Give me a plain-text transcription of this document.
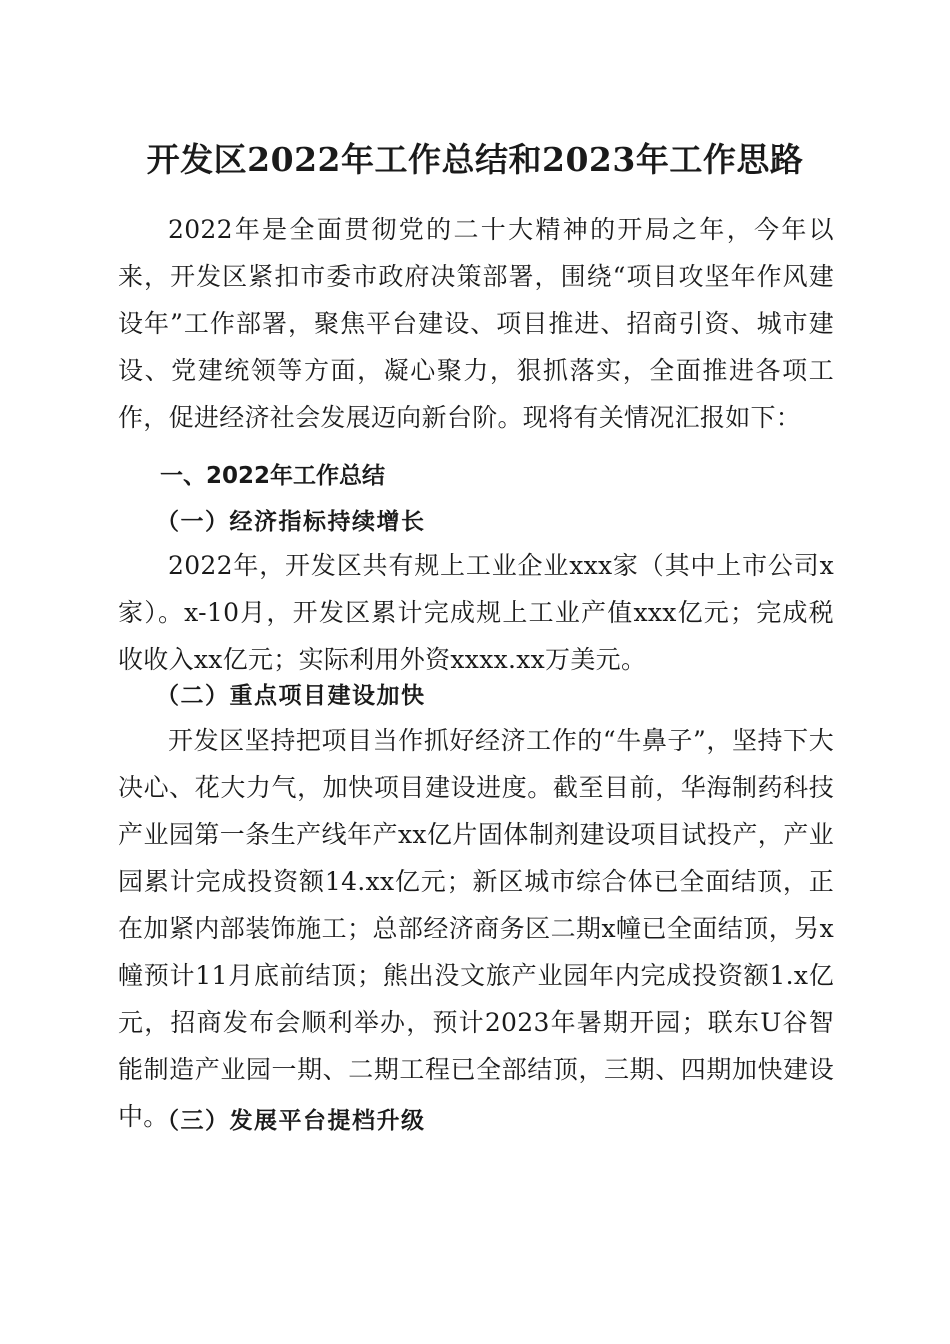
开发区2022年工作总结和2023年工作思路

2022年是全面贯彻党的二十大精神的开局之年，今年以来，开发区紧扣市委市政府决策部署，围绕“项目攻坚年作风建设年”工作部署，聚焦平台建设、项目推进、招商引资、城市建设、党建统领等方面，凝心聚力，狠抓落实，全面推进各项工作，促进经济社会发展迈向新台阶。现将有关情况汇报如下：

一、2022年工作总结

（一）经济指标持续增长

2022年，开发区共有规上工业企业xxx家（其中上市公司x家）。x-10月，开发区累计完成规上工业产值xxx亿元；完成税收收入xx亿元；实际利用外资xxxx.xx万美元。

（二）重点项目建设加快

开发区坚持把项目当作抓好经济工作的“牛鼻子”，坚持下大决心、花大力气，加快项目建设进度。截至目前，华海制药科技产业园第一条生产线年产xx亿片固体制剂建设项目试投产，产业园累计完成投资额14.xx亿元；新区城市综合体已全面结顶，正在加紧内部装饰施工；总部经济商务区二期x幢已全面结顶，另x幢预计11月底前结顶；熊出没文旅产业园年内完成投资额1.x亿元，招商发布会顺利举办，预计2023年暑期开园；联东U谷智能制造产业园一期、二期工程已全部结顶，三期、四期加快建设中。

（三）发展平台提档升级
